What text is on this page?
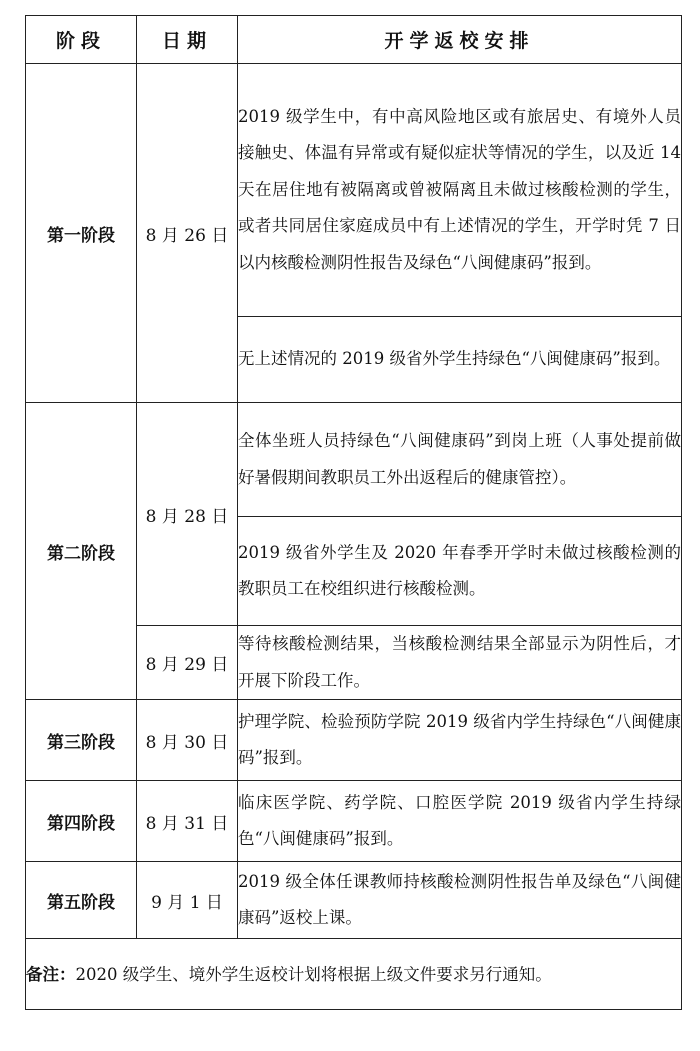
阶段	日期	开学返校安排
第一阶段	8 月 26 日	2019 级学生中，有中高风险地区或有旅居史、有境外人员接触史、体温有异常或有疑似症状等情况的学生，以及近 14 天在居住地有被隔离或曾被隔离且未做过核酸检测的学生，或者共同居住家庭成员中有上述情况的学生，开学时凭 7 日以内核酸检测阴性报告及绿色“八闽健康码”报到。
		无上述情况的 2019 级省外学生持绿色“八闽健康码”报到。
第二阶段	8 月 28 日	全体坐班人员持绿色“八闽健康码”到岗上班（人事处提前做好暑假期间教职员工外出返程后的健康管控）。
		2019 级省外学生及 2020 年春季开学时未做过核酸检测的教职员工在校组织进行核酸检测。
	8 月 29 日	等待核酸检测结果，当核酸检测结果全部显示为阴性后，才开展下阶段工作。
第三阶段	8 月 30 日	护理学院、检验预防学院 2019 级省内学生持绿色“八闽健康码”报到。
第四阶段	8 月 31 日	临床医学院、药学院、口腔医学院 2019 级省内学生持绿色“八闽健康码”报到。
第五阶段	9 月 1 日	2019 级全体任课教师持核酸检测阴性报告单及绿色“八闽健康码”返校上课。
备注：2020 级学生、境外学生返校计划将根据上级文件要求另行通知。		
